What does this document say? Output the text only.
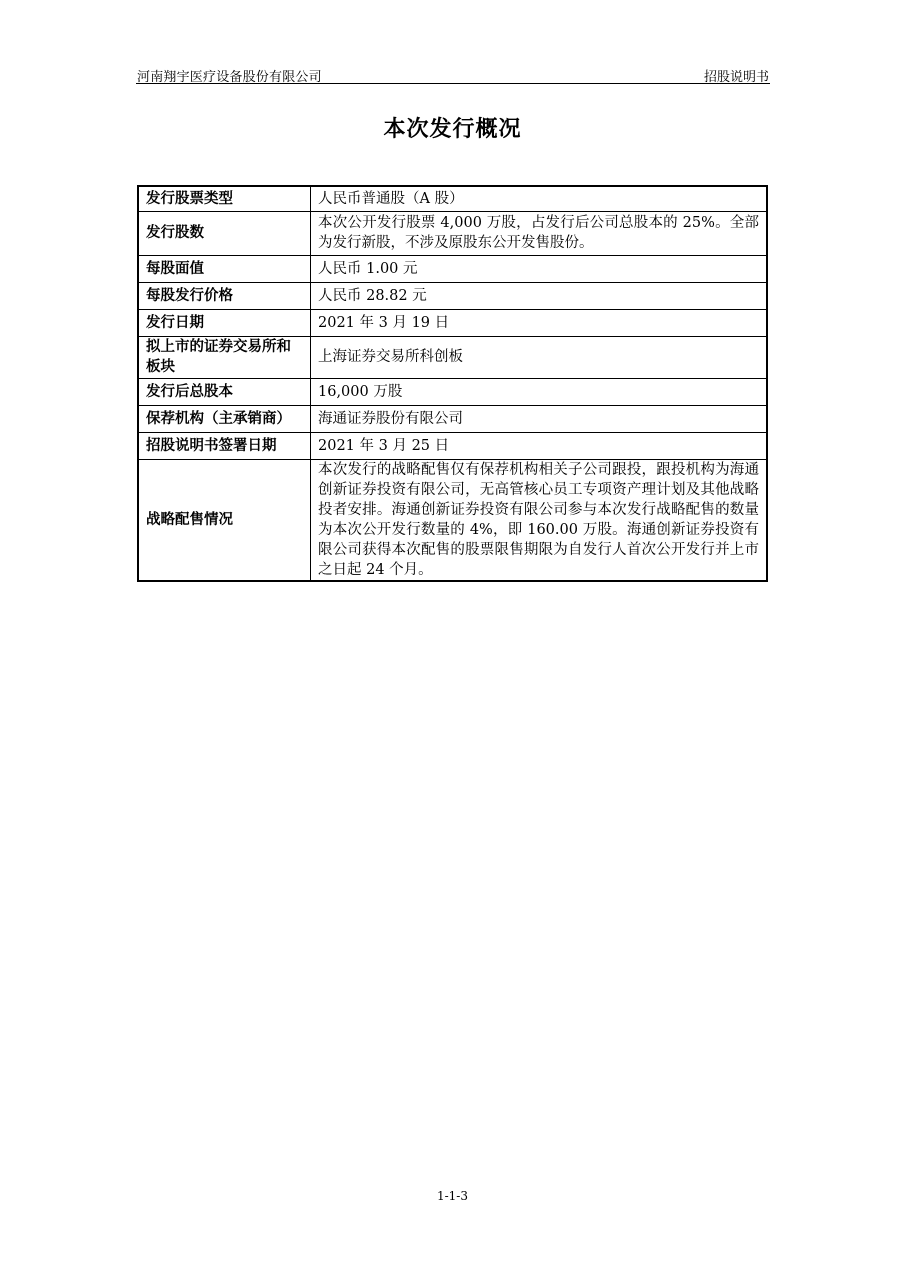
河南翔宇医疗设备股份有限公司	招股说明书
本次发行概况
发行股票类型	人民币普通股（A 股）
发行股数	本次公开发行股票 4,000 万股，占发行后公司总股本的 25%。全部为发行新股，不涉及原股东公开发售股份。
每股面值	人民币 1.00 元
每股发行价格	人民币 28.82 元
发行日期	2021 年 3 月 19 日
拟上市的证券交易所和板块	上海证券交易所科创板
发行后总股本	16,000 万股
保荐机构（主承销商）	海通证券股份有限公司
招股说明书签署日期	2021 年 3 月 25 日
战略配售情况	本次发行的战略配售仅有保荐机构相关子公司跟投，跟投机构为海通创新证券投资有限公司，无高管核心员工专项资产理计划及其他战略投者安排。海通创新证券投资有限公司参与本次发行战略配售的数量为本次公开发行数量的 4%，即 160.00 万股。海通创新证券投资有限公司获得本次配售的股票限售期限为自发行人首次公开发行并上市之日起 24 个月。
1-1-3
